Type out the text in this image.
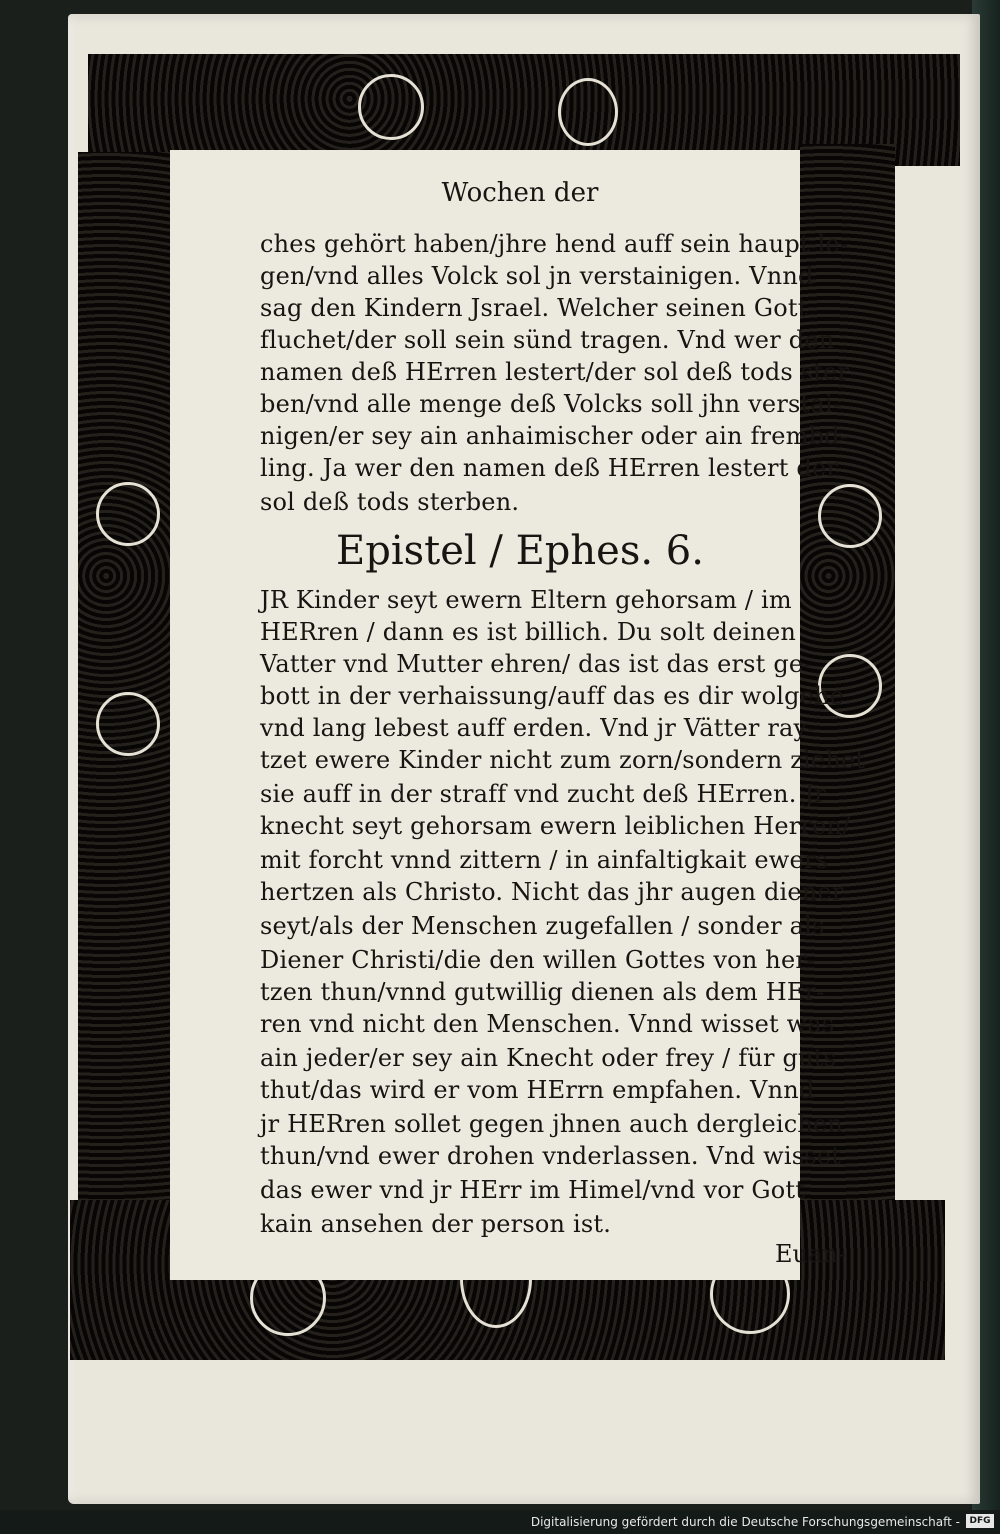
Wochen der
ches gehört haben/jhre hend auff sein haupt le-
gen/vnd alles Volck sol jn verstainigen. Vnnd
sag den Kindern Jsrael. Welcher seinen Gott
fluchet/der soll sein sünd tragen. Vnd wer den
namen deß HErren lestert/der sol deß tods ster
ben/vnd alle menge deß Volcks soll jhn verstai-
nigen/er sey ain anhaimischer oder ain frembd-
ling. Ja wer den namen deß HErren lestert der
sol deß tods sterben.
Epistel / Ephes. 6.
JR Kinder seyt ewern Eltern gehorsam / im
HERren / dann es ist billich. Du solt deinen
Vatter vnd Mutter ehren/ das ist das erst ge-
bott in der verhaissung/auff das es dir wolgehe
vnd lang lebest auff erden. Vnd jr Vätter ray-
tzet ewere Kinder nicht zum zorn/sondern ziehet
sie auff in der straff vnd zucht deß HErren. Jr
knecht seyt gehorsam ewern leiblichen Herren/
mit forcht vnnd zittern / in ainfaltigkait ewers
hertzen als Christo. Nicht das jhr augen diener
seyt/als der Menschen zugefallen / sonder als
Diener Christi/die den willen Gottes von her-
tzen thun/vnnd gutwillig dienen als dem HEr-
ren vnd nicht den Menschen. Vnnd wisset was
ain jeder/er sey ain Knecht oder frey / für guts
thut/das wird er vom HErrn empfahen. Vnnd
jr HERren sollet gegen jhnen auch dergleichen
thun/vnd ewer drohen vnderlassen. Vnd wisset
das ewer vnd jr HErr im Himel/vnd vor Gott
kain ansehen der person ist.
Euan-
Digitalisierung gefördert durch die Deutsche Forschungsgemeinschaft -	DFG
